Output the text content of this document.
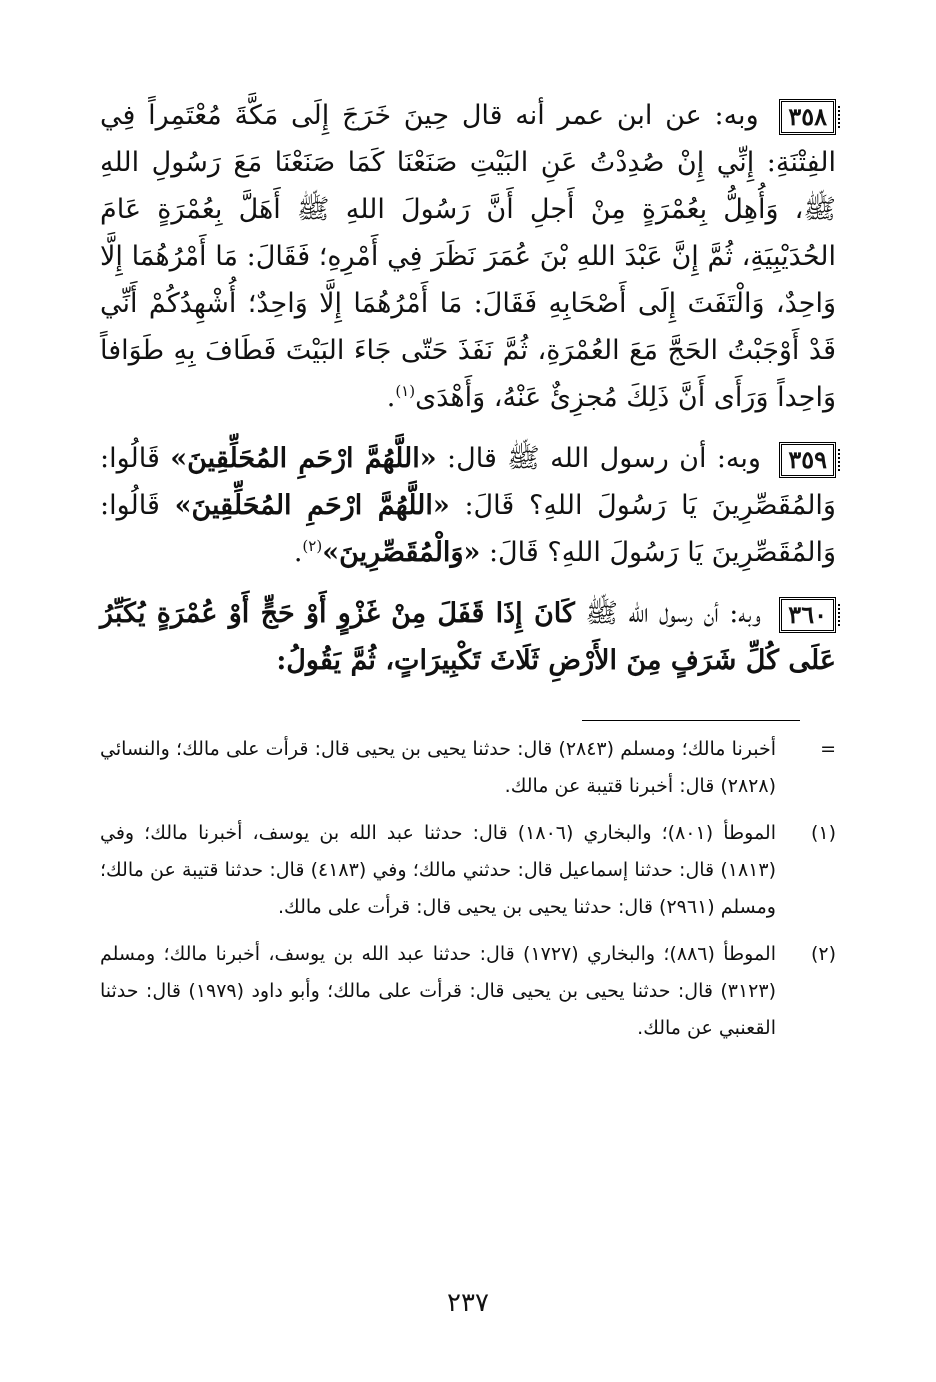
٣٥٨ وبه: عن ابن عمر أنه قال حِينَ خَرَجَ إِلَى مَكَّةَ مُعْتَمِراً فِي الفِتْنَةِ: إِنِّي إِنْ صُدِدْتُ عَنِ البَيْتِ صَنَعْنَا كَمَا صَنَعْنَا مَعَ رَسُولِ اللهِ ﷺ، وَأُهِلُّ بِعُمْرَةٍ مِنْ أَجلِ أَنَّ رَسُولَ اللهِ ﷺ أَهَلَّ بِعُمْرَةٍ عَامَ الحُدَيْبِيَةِ، ثُمَّ إِنَّ عَبْدَ اللهِ بْنَ عُمَرَ نَظَرَ فِي أَمْرِهِ؛ فَقَالَ: مَا أَمْرُهُمَا إِلَّا وَاحِدٌ، وَالْتَفَتَ إِلَى أَصْحَابِهِ فَقَالَ: مَا أَمْرُهُمَا إِلَّا وَاحِدٌ؛ أُشْهِدُكُمْ أَنِّي قَدْ أَوْجَبْتُ الحَجَّ مَعَ العُمْرَةِ، ثُمَّ نَفَذَ حَتّى جَاءَ البَيْتَ فَطَافَ بِهِ طَوَافاً وَاحِداً وَرَأَى أَنَّ ذَلِكَ مُجزِئٌ عَنْهُ، وَأَهْدَى$^{(١)}$.

٣٥٩ وبه: أن رسول الله ﷺ قال: «اللَّهُمَّ ارْحَمِ المُحَلِّقِينَ» قَالُوا: وَالمُقَصِّرِينَ يَا رَسُولَ اللهِ؟ قَالَ: «اللَّهُمَّ ارْحَمِ المُحَلِّقِينَ» قَالُوا: وَالمُقَصِّرِينَ يَا رَسُولَ اللهِ؟ قَالَ: «وَالْمُقَصِّرِينَ»$^{(٢)}$.

٣٦٠ وبه: أن رسول الله ﷺ كَانَ إِذَا قَفَلَ مِنْ غَزْوٍ أَوْ حَجٍّ أَوْ عُمْرَةٍ يُكَبِّرُ عَلَى كُلِّ شَرَفٍ مِنَ الأَرْضِ ثَلَاثَ تَكْبِيرَاتٍ، ثُمَّ يَقُولُ:

=
أخبرنا مالك؛ ومسلم (٢٨٤٣) قال: حدثنا يحيى بن يحيى قال: قرأت على مالك؛ والنسائي (٢٨٢٨) قال: أخبرنا قتيبة عن مالك.
(١)
الموطأ (٨٠١)؛ والبخاري (١٨٠٦) قال: حدثنا عبد الله بن يوسف، أخبرنا مالك؛ وفي (١٨١٣) قال: حدثنا إسماعيل قال: حدثني مالك؛ وفي (٤١٨٣) قال: حدثنا قتيبة عن مالك؛ ومسلم (٢٩٦١) قال: حدثنا يحيى بن يحيى قال: قرأت على مالك.
(٢)
الموطأ (٨٨٦)؛ والبخاري (١٧٢٧) قال: حدثنا عبد الله بن يوسف، أخبرنا مالك؛ ومسلم (٣١٢٣) قال: حدثنا يحيى بن يحيى قال: قرأت على مالك؛ وأبو داود (١٩٧٩) قال: حدثنا القعنبي عن مالك.
٢٣٧
